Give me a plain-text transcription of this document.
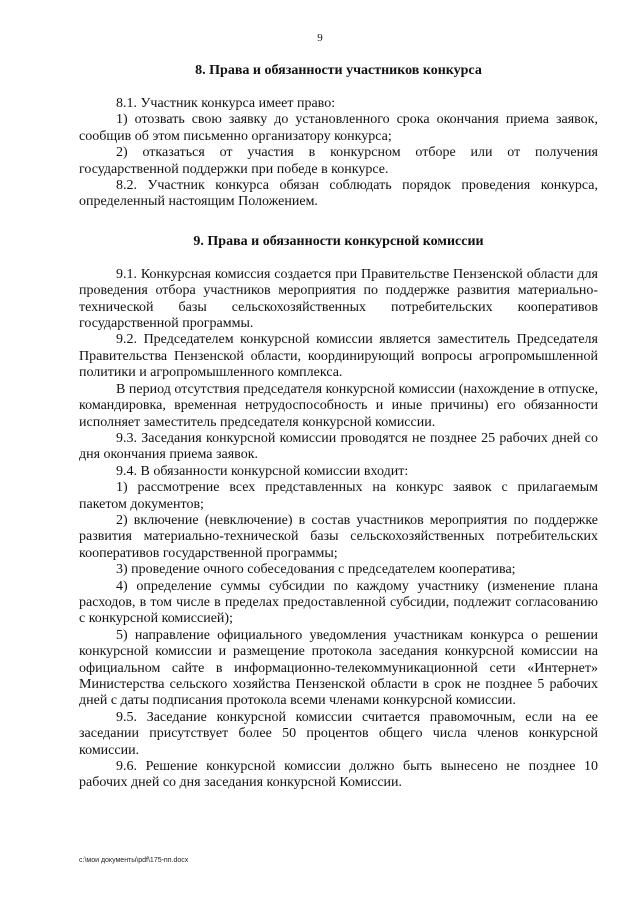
9
8. Права и обязанности участников конкурса

8.1. Участник конкурса имеет право:

1) отозвать свою заявку до установленного срока окончания приема заявок, сообщив об этом письменно организатору конкурса;

2) отказаться от участия в конкурсном отборе или от получения государственной поддержки при победе в конкурсе.

8.2. Участник конкурса обязан соблюдать порядок проведения конкурса, определенный настоящим Положением.

9. Права и обязанности конкурсной комиссии

9.1. Конкурсная комиссия создается при Правительстве Пензенской области для проведения отбора участников мероприятия по поддержке развития материально-технической базы сельскохозяйственных потребительских кооперативов государственной программы.

9.2. Председателем конкурсной комиссии является заместитель Председателя Правительства Пензенской области, координирующий вопросы агропромышленной политики и агропромышленного комплекса.

В период отсутствия председателя конкурсной комиссии (нахождение в отпуске, командировка, временная нетрудоспособность и иные причины) его обязанности исполняет заместитель председателя конкурсной комиссии.

9.3. Заседания конкурсной комиссии проводятся не позднее 25 рабочих дней со дня окончания приема заявок.

9.4. В обязанности конкурсной комиссии входит:

1) рассмотрение всех представленных на конкурс заявок с прилагаемым пакетом документов;

2) включение (невключение) в состав участников мероприятия по поддержке развития материально-технической базы сельскохозяйственных потребительских кооперативов государственной программы;

3) проведение очного собеседования с председателем кооператива;

4) определение суммы субсидии по каждому участнику (изменение плана расходов, в том числе в пределах предоставленной субсидии, подлежит согласованию с конкурсной комиссией);

5) направление официального уведомления участникам конкурса о решении конкурсной комиссии и размещение протокола заседания конкурсной комиссии на официальном сайте в информационно-телекоммуникационной сети «Интернет» Министерства сельского хозяйства Пензенской области в срок не позднее 5 рабочих дней с даты подписания протокола всеми членами конкурсной комиссии.

9.5. Заседание конкурсной комиссии считается правомочным, если на ее заседании присутствует более 50 процентов общего числа членов конкурсной комиссии.

9.6. Решение конкурсной комиссии должно быть вынесено не позднее 10 рабочих дней со дня заседания конкурсной Комиссии.

c:\мои документы\pdf\175-пп.docx
